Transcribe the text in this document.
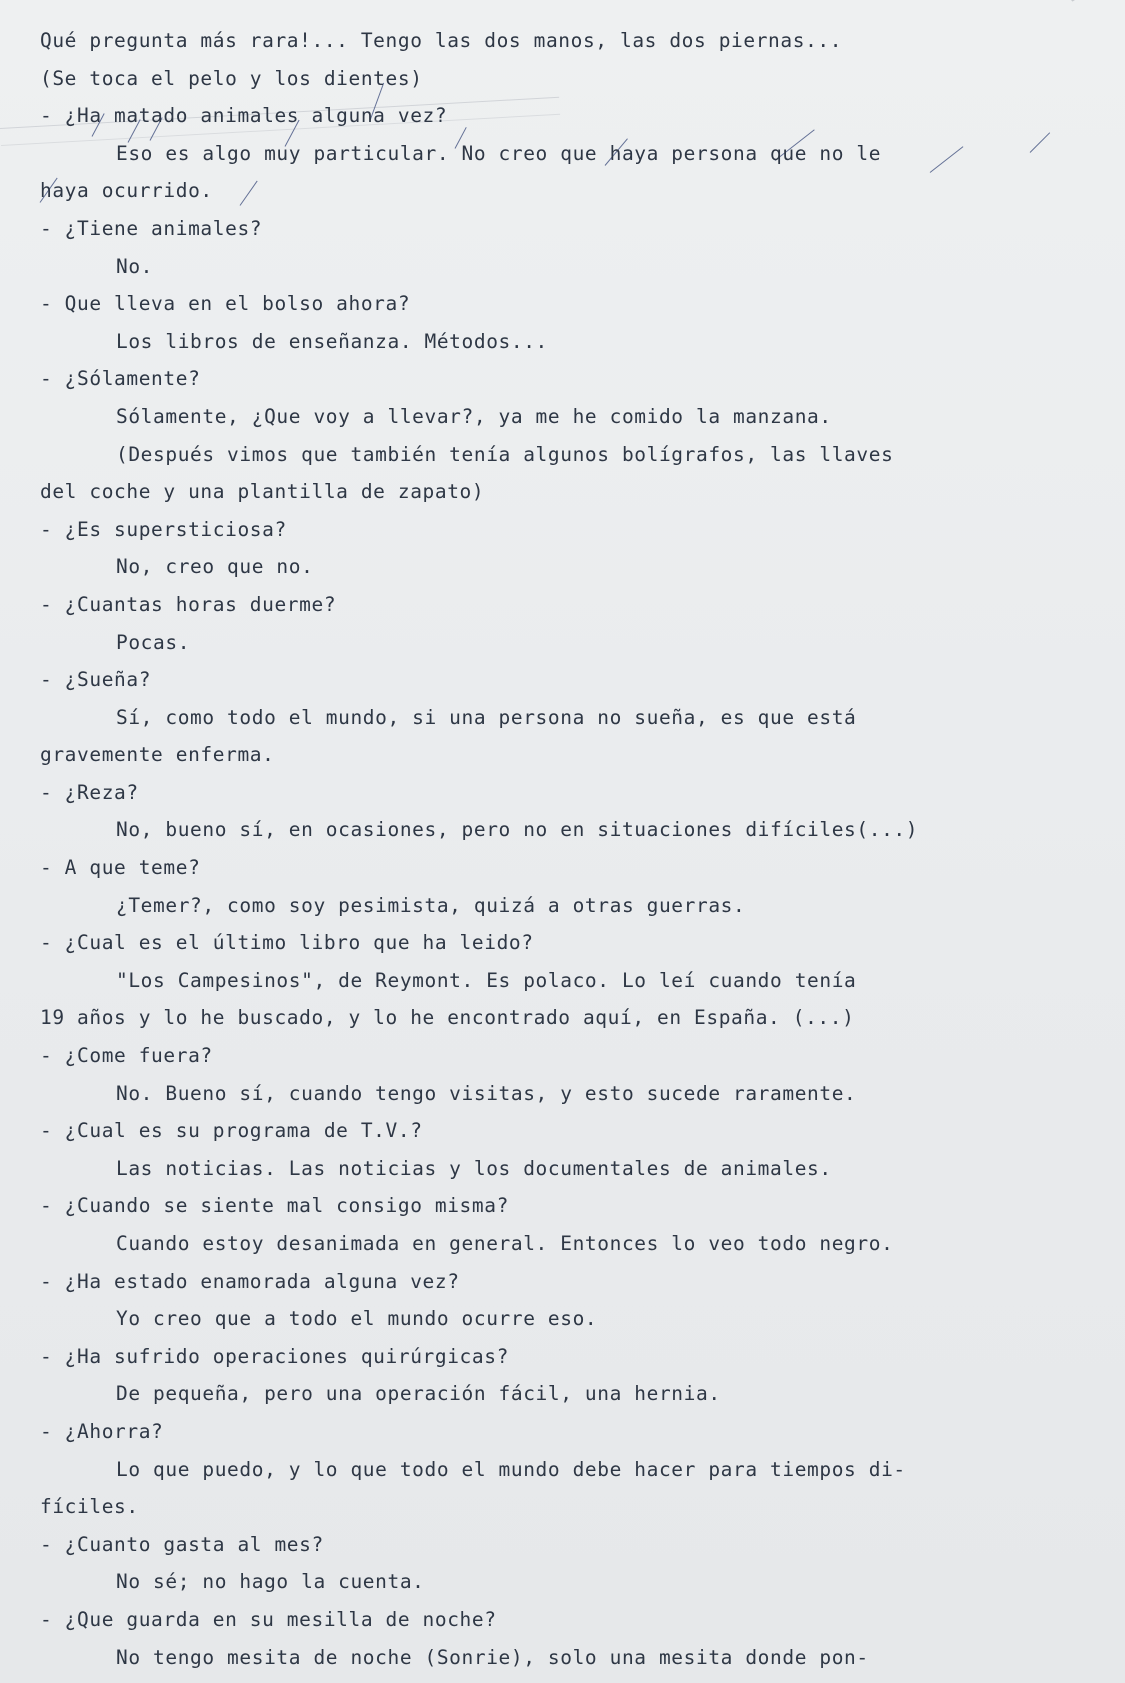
Qué pregunta más rara!... Tengo las dos manos, las dos piernas...
(Se toca el pelo y los dientes)
- ¿Ha matado animales alguna vez?
Eso es algo muy particular. No creo que haya persona que no le
haya ocurrido.
- ¿Tiene animales?
No.
- Que lleva en el bolso ahora?
Los libros de enseñanza. Métodos...
- ¿Sólamente?
Sólamente, ¿Que voy a llevar?, ya me he comido la manzana.
(Después vimos que también tenía algunos bolígrafos, las llaves
del coche y una plantilla de zapato)
- ¿Es supersticiosa?
No, creo que no.
- ¿Cuantas horas duerme?
Pocas.
- ¿Sueña?
Sí, como todo el mundo, si una persona no sueña, es que está
gravemente enferma.
- ¿Reza?
No, bueno sí, en ocasiones, pero no en situaciones difíciles(...)
- A que teme?
¿Temer?, como soy pesimista, quizá a otras guerras.
- ¿Cual es el último libro que ha leido?
"Los Campesinos", de Reymont. Es polaco. Lo leí cuando tenía
19 años y lo he buscado, y lo he encontrado aquí, en España. (...)
- ¿Come fuera?
No. Bueno sí, cuando tengo visitas, y esto sucede raramente.
- ¿Cual es su programa de T.V.?
Las noticias. Las noticias y los documentales de animales.
- ¿Cuando se siente mal consigo misma?
Cuando estoy desanimada en general. Entonces lo veo todo negro.
- ¿Ha estado enamorada alguna vez?
Yo creo que a todo el mundo ocurre eso.
- ¿Ha sufrido operaciones quirúrgicas?
De pequeña, pero una operación fácil, una hernia.
- ¿Ahorra?
Lo que puedo, y lo que todo el mundo debe hacer para tiempos di-
fíciles.
- ¿Cuanto gasta al mes?
No sé; no hago la cuenta.
- ¿Que guarda en su mesilla de noche?
No tengo mesita de noche (Sonrie), solo una mesita donde pon-
